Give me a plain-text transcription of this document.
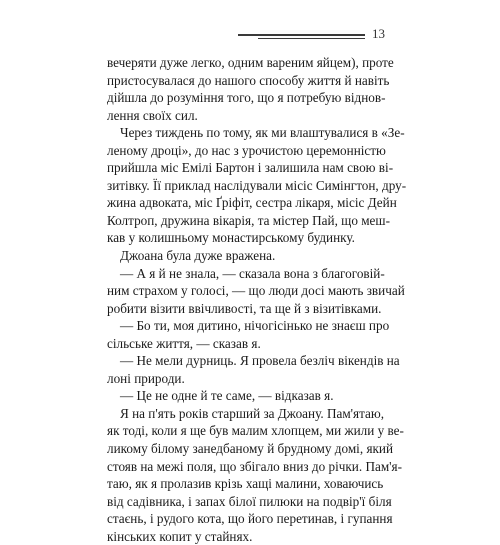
13
вечеряти дуже легко, одним вареним яйцем), проте
пристосувалася до нашого способу життя й навіть
дійшла до розуміння того, що я потребую віднов-
лення своїх сил.
Через тиждень по тому, як ми влаштувалися в «Зе-
леному дроці», до нас з урочистою церемонністю
прийшла міс Емілі Бартон і залишила нам свою ві-
зитівку. Її приклад наслідували місіс Симінгтон, дру-
жина адвоката, міс Ґріфіт, сестра лікаря, місіс Дейн
Колтроп, дружина вікарія, та містер Пай, що меш-
кав у колишньому монастирському будинку.
Джоана була дуже вражена.
— А я й не знала, — сказала вона з благоговій-
ним страхом у голосі, — що люди досі мають звичай
робити візити ввічливості, та ще й з візитівками.
— Бо ти, моя дитино, нічогісінько не знаєш про
сільське життя, — сказав я.
— Не мели дурниць. Я провела безліч вікендів на
лоні природи.
— Це не одне й те саме, — відказав я.
Я на п'ять років старший за Джоану. Пам'ятаю,
як тоді, коли я ще був малим хлопцем, ми жили у ве-
ликому білому занедбаному й брудному домі, який
стояв на межі поля, що збігало вниз до річки. Пам'я-
таю, як я пролазив крізь хащі малини, ховаючись
від садівника, і запах білої пилюки на подвір'ї біля
стаєнь, і рудого кота, що його перетинав, і гупання
кінських копит у стайнях.
